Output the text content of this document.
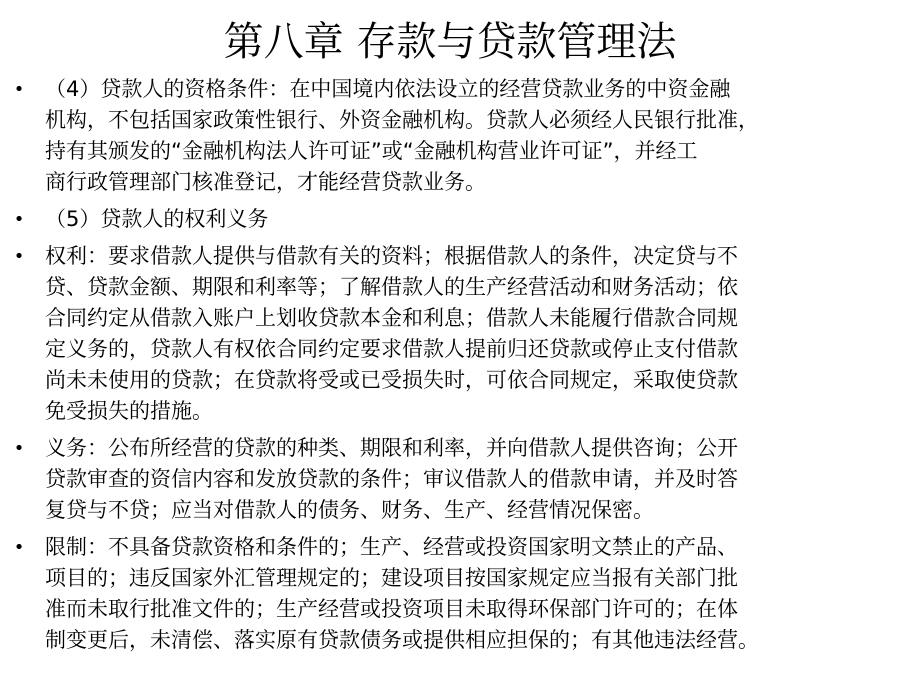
第八章 存款与贷款管理法
• （4）贷款人的资格条件：在中国境内依法设立的经营贷款业务的中资金融
机构，不包括国家政策性银行、外资金融机构。贷款人必须经人民银行批准，
持有其颁发的“金融机构法人许可证”或“金融机构营业许可证”，并经工
商行政管理部门核准登记，才能经营贷款业务。
• （5）贷款人的权利义务
• 权利：要求借款人提供与借款有关的资料；根据借款人的条件，决定贷与不
贷、贷款金额、期限和利率等；了解借款人的生产经营活动和财务活动；依
合同约定从借款入账户上划收贷款本金和利息；借款人未能履行借款合同规
定义务的，贷款人有权依合同约定要求借款人提前归还贷款或停止支付借款
尚未未使用的贷款；在贷款将受或已受损失时，可依合同规定，采取使贷款
免受损失的措施。
• 义务：公布所经营的贷款的种类、期限和利率，并向借款人提供咨询；公开
贷款审查的资信内容和发放贷款的条件；审议借款人的借款申请，并及时答
复贷与不贷；应当对借款人的债务、财务、生产、经营情况保密。
• 限制：不具备贷款资格和条件的；生产、经营或投资国家明文禁止的产品、
项目的；违反国家外汇管理规定的；建设项目按国家规定应当报有关部门批
准而未取行批准文件的；生产经营或投资项目未取得环保部门许可的；在体
制变更后，未清偿、落实原有贷款债务或提供相应担保的；有其他违法经营。
